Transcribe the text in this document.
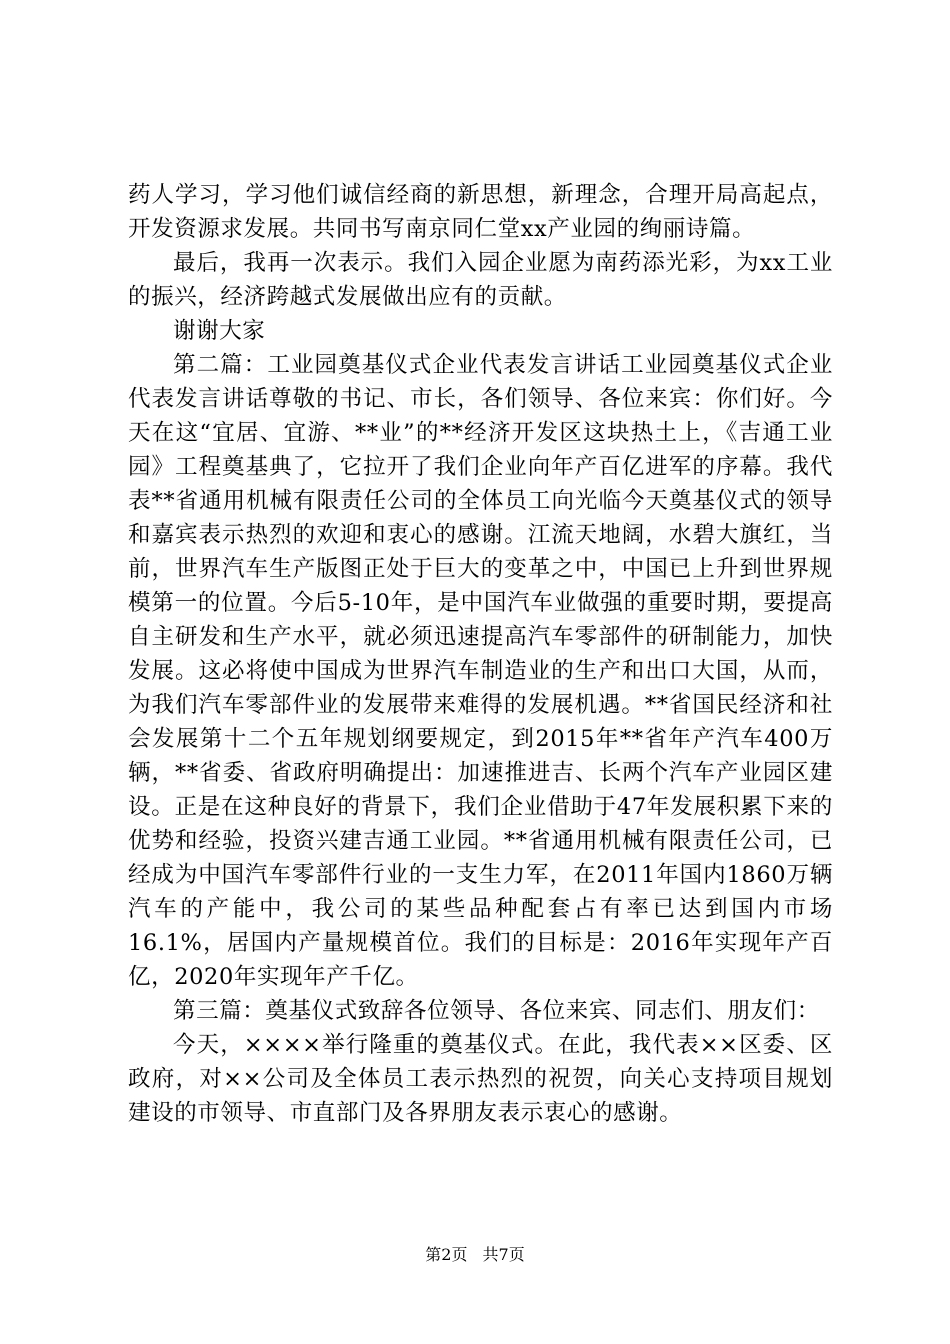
药人学习，学习他们诚信经商的新思想，新理念，合理开局高起点，开发资源求发展。共同书写南京同仁堂xx产业园的绚丽诗篇。

最后，我再一次表示。我们入园企业愿为南药添光彩，为xx工业的振兴，经济跨越式发展做出应有的贡献。

谢谢大家

第二篇：工业园奠基仪式企业代表发言讲话工业园奠基仪式企业代表发言讲话尊敬的书记、市长，各们领导、各位来宾：你们好。今天在这“宜居、宜游、**业”的**经济开发区这块热土上，《吉通工业园》工程奠基典了，它拉开了我们企业向年产百亿进军的序幕。我代表**省通用机械有限责任公司的全体员工向光临今天奠基仪式的领导和嘉宾表示热烈的欢迎和衷心的感谢。江流天地阔，水碧大旗红，当前，世界汽车生产版图正处于巨大的变革之中，中国已上升到世界规模第一的位置。今后5-10年，是中国汽车业做强的重要时期，要提高自主研发和生产水平，就必须迅速提高汽车零部件的研制能力，加快发展。这必将使中国成为世界汽车制造业的生产和出口大国，从而，为我们汽车零部件业的发展带来难得的发展机遇。**省国民经济和社会发展第十二个五年规划纲要规定，到2015年**省年产汽车400万辆，**省委、省政府明确提出：加速推进吉、长两个汽车产业园区建设。正是在这种良好的背景下，我们企业借助于47年发展积累下来的优势和经验，投资兴建吉通工业园。**省通用机械有限责任公司，已经成为中国汽车零部件行业的一支生力军，在2011年国内1860万辆汽车的产能中，我公司的某些品种配套占有率已达到国内市场16.1%，居国内产量规模首位。我们的目标是：2016年实现年产百亿，2020年实现年产千亿。

第三篇：奠基仪式致辞各位领导、各位来宾、同志们、朋友们：

今天，××××举行隆重的奠基仪式。在此，我代表××区委、区政府，对××公司及全体员工表示热烈的祝贺，向关心支持项目规划建设的市领导、市直部门及各界朋友表示衷心的感谢。

第2页 共7页
